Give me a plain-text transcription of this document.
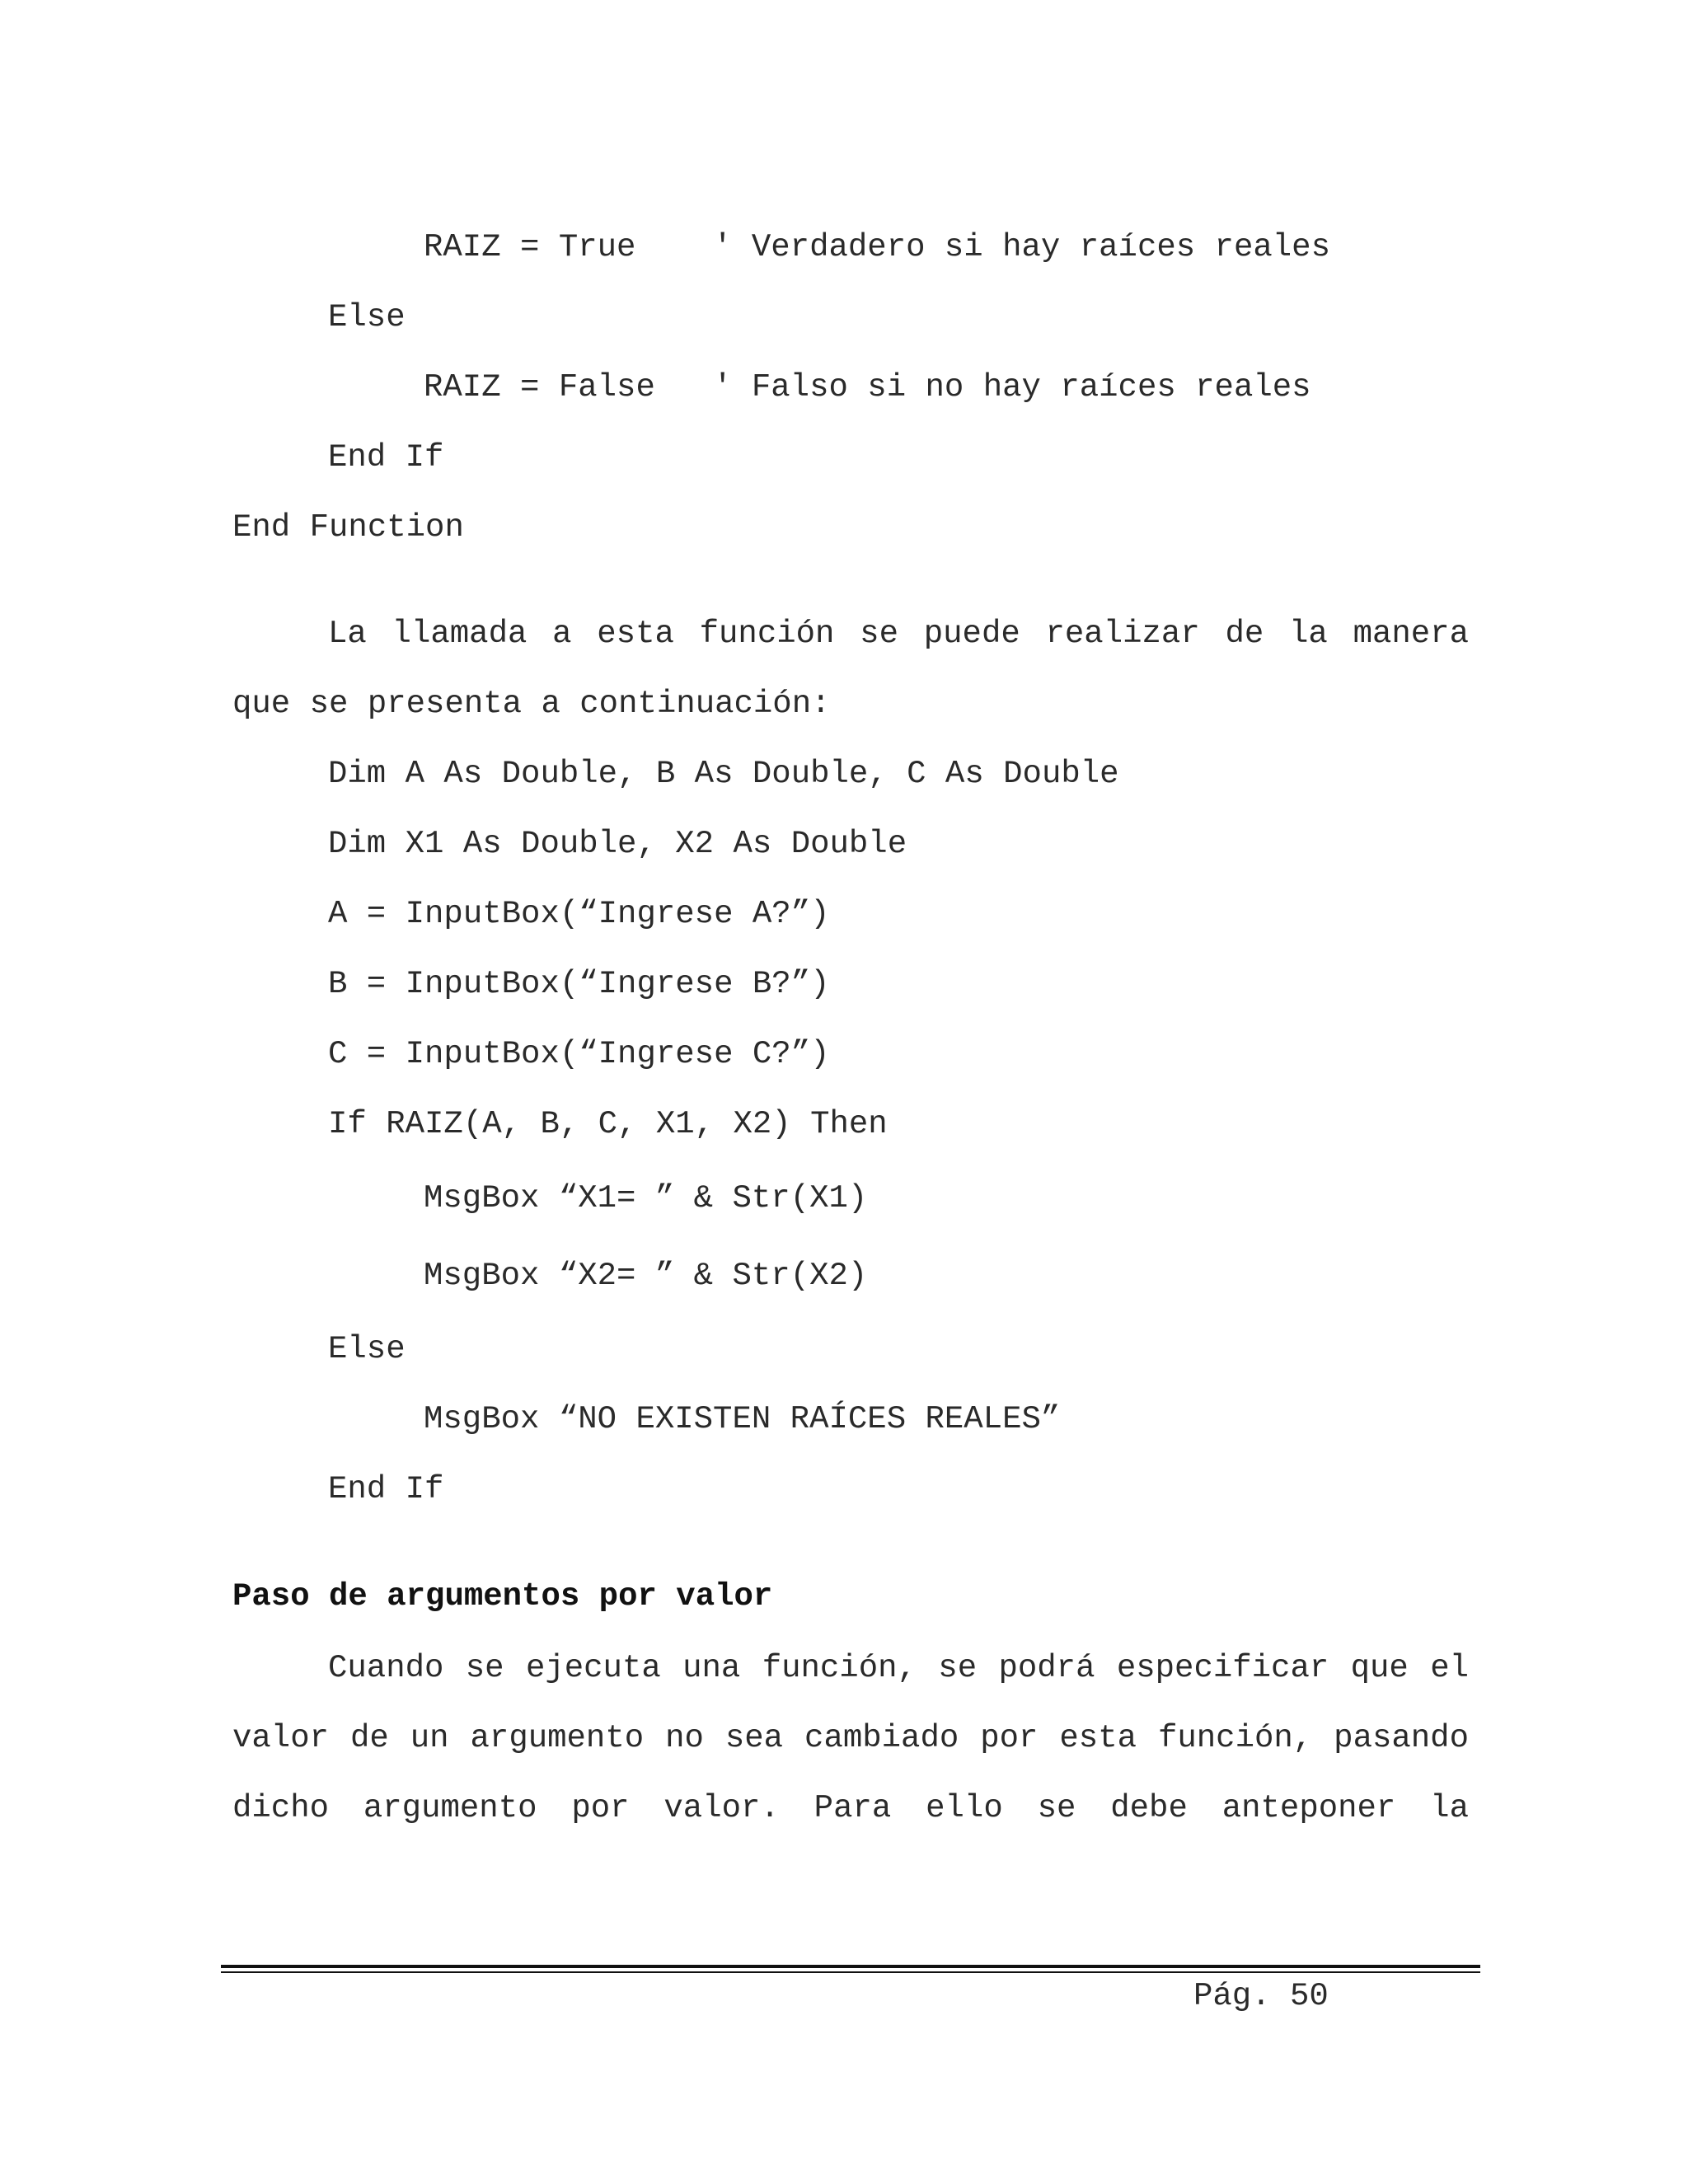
RAIZ = True    ' Verdadero si hay raíces reales
Else
RAIZ = False   ' Falso si no hay raíces reales
End If
End Function
La llamada a esta función se puede realizar de la manera
que se presenta a continuación:
Dim A As Double, B As Double, C As Double
Dim X1 As Double, X2 As Double
A = InputBox(“Ingrese A?”)
B = InputBox(“Ingrese B?”)
C = InputBox(“Ingrese C?”)
If RAIZ(A, B, C, X1, X2) Then
MsgBox “X1= ” & Str(X1)
MsgBox “X2= ” & Str(X2)
Else
MsgBox “NO EXISTEN RAÍCES REALES”
End If
Paso de argumentos por valor
Cuando se ejecuta una función, se podrá especificar que el
valor de un argumento no sea cambiado por esta función, pasando
dicho argumento por valor. Para ello se debe anteponer la
Pág. 50
